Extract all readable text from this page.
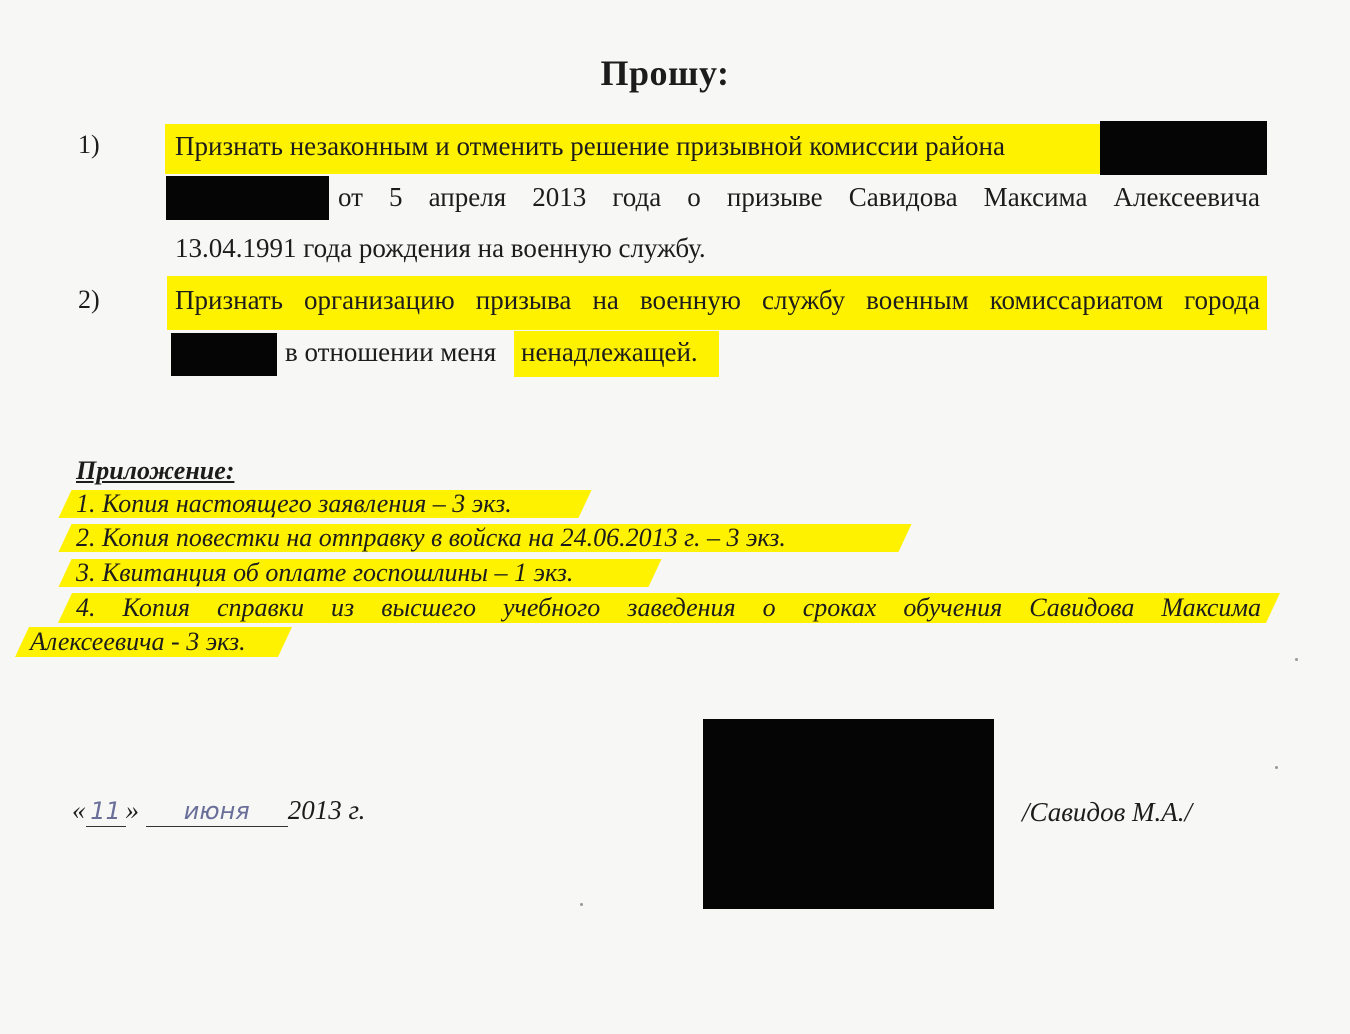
Прошу:
1)	Признать незаконным и отменить решение призывной комиссии района
от 5 апреля 2013 года о призыве Савидова Максима Алексеевича
13.04.1991 года рождения на военную службу.
2)	Признать организацию призыва на военную службу военным комиссариатом города
в отношении меня ненадлежащей.
Приложение:
1. Копия настоящего заявления – 3 экз.
2. Копия повестки на отправку в войска на 24.06.2013 г. – 3 экз.
3. Квитанция об оплате госпошлины – 1 экз.
4. Копия справки из высшего учебного заведения о сроках обучения Савидова Максима
Алексеевича - 3 экз.
« 11 » июня 2013 г.	/Савидов М.А./
